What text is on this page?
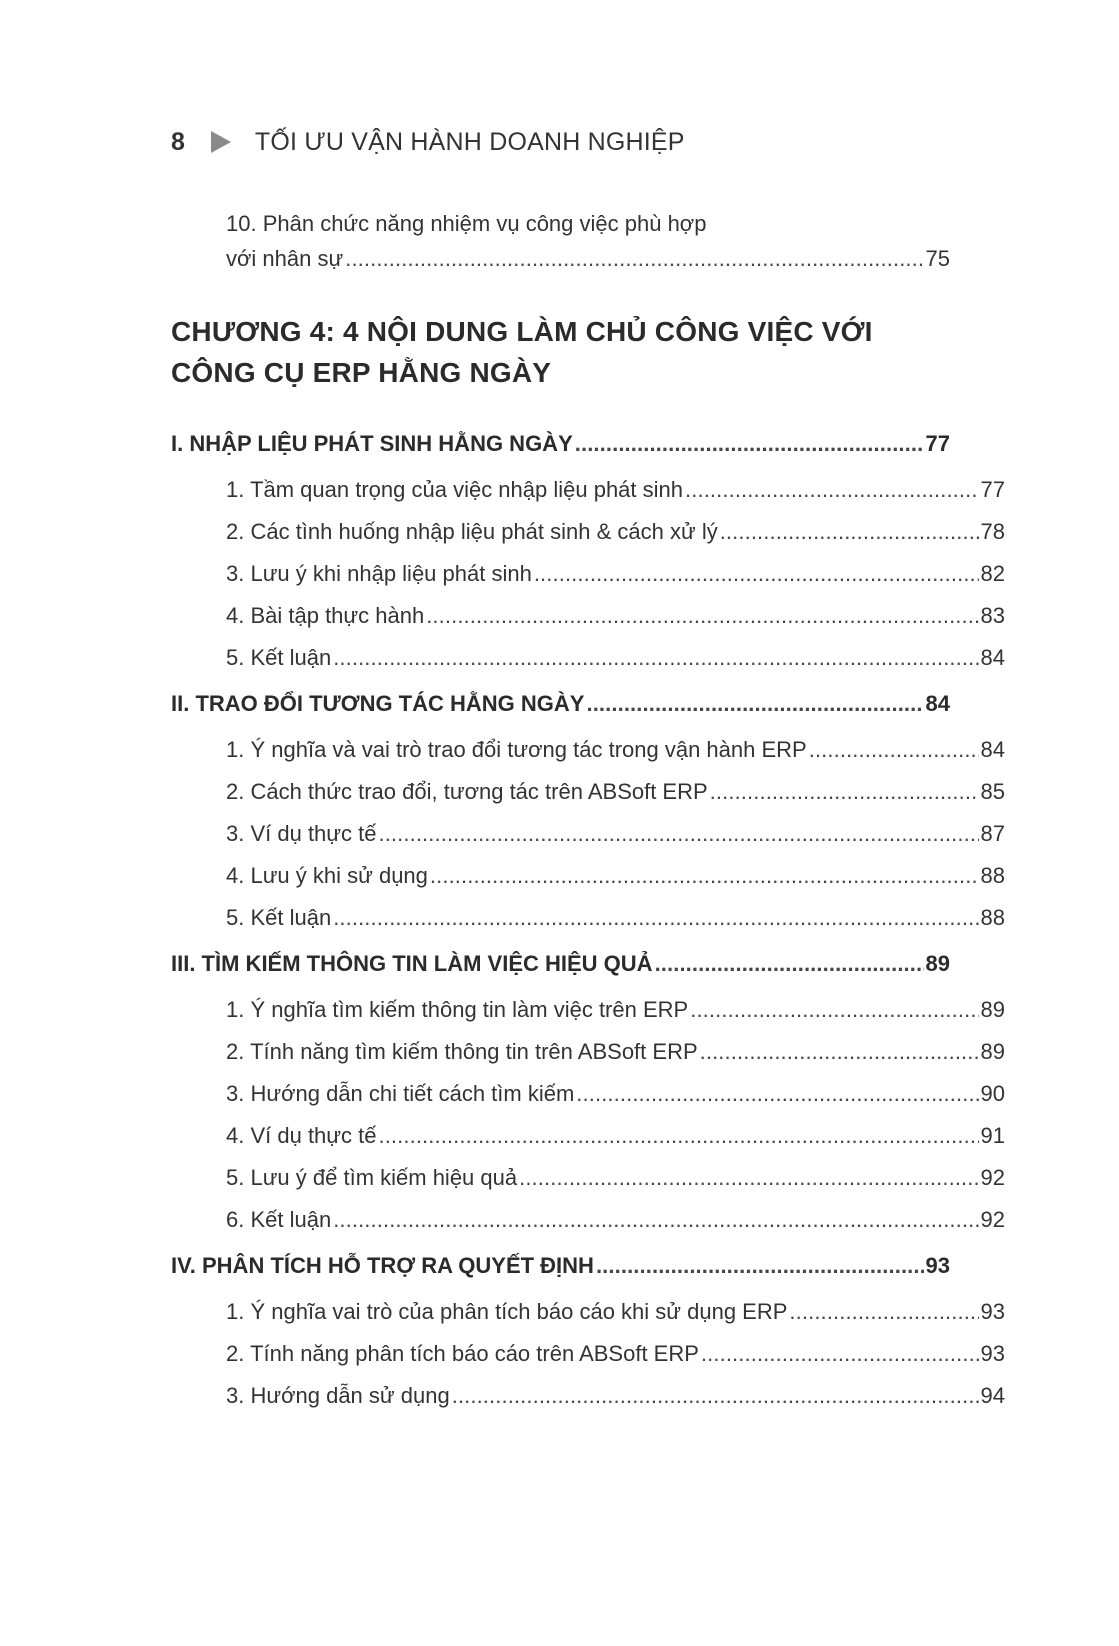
8	TỐI ƯU VẬN HÀNH DOANH NGHIỆP
10. Phân chức năng nhiệm vụ công việc phù hợp
với nhân sự . . .	75
CHƯƠNG 4: 4 NỘI DUNG LÀM CHỦ CÔNG VIỆC VỚI
CÔNG CỤ ERP HẰNG NGÀY
I. NHẬP LIỆU PHÁT SINH HẰNG NGÀY . . .	77
1. Tầm quan trọng của việc nhập liệu phát sinh . . .	77
2. Các tình huống nhập liệu phát sinh & cách xử lý . . .	78
3. Lưu ý khi nhập liệu phát sinh . . .	82
4. Bài tập thực hành . . .	83
5. Kết luận . . .	84
II. TRAO ĐỔI TƯƠNG TÁC HẰNG NGÀY . . .	84
1. Ý nghĩa và vai trò trao đổi tương tác trong vận hành ERP . . .	84
2. Cách thức trao đổi, tương tác trên ABSoft ERP . . .	85
3. Ví dụ thực tế . . .	87
4. Lưu ý khi sử dụng . . .	88
5. Kết luận . . .	88
III. TÌM KIẾM THÔNG TIN LÀM VIỆC HIỆU QUẢ . . .	89
1. Ý nghĩa tìm kiếm thông tin làm việc trên ERP . . .	89
2. Tính năng tìm kiếm thông tin trên ABSoft ERP . . .	89
3. Hướng dẫn chi tiết cách tìm kiếm . . .	90
4. Ví dụ thực tế . . .	91
5. Lưu ý để tìm kiếm hiệu quả . . .	92
6. Kết luận . . .	92
IV. PHÂN TÍCH HỖ TRỢ RA QUYẾT ĐỊNH . . .	93
1. Ý nghĩa vai trò của phân tích báo cáo khi sử dụng ERP . . .	93
2. Tính năng phân tích báo cáo trên ABSoft ERP . . .	93
3. Hướng dẫn sử dụng . . .	94
